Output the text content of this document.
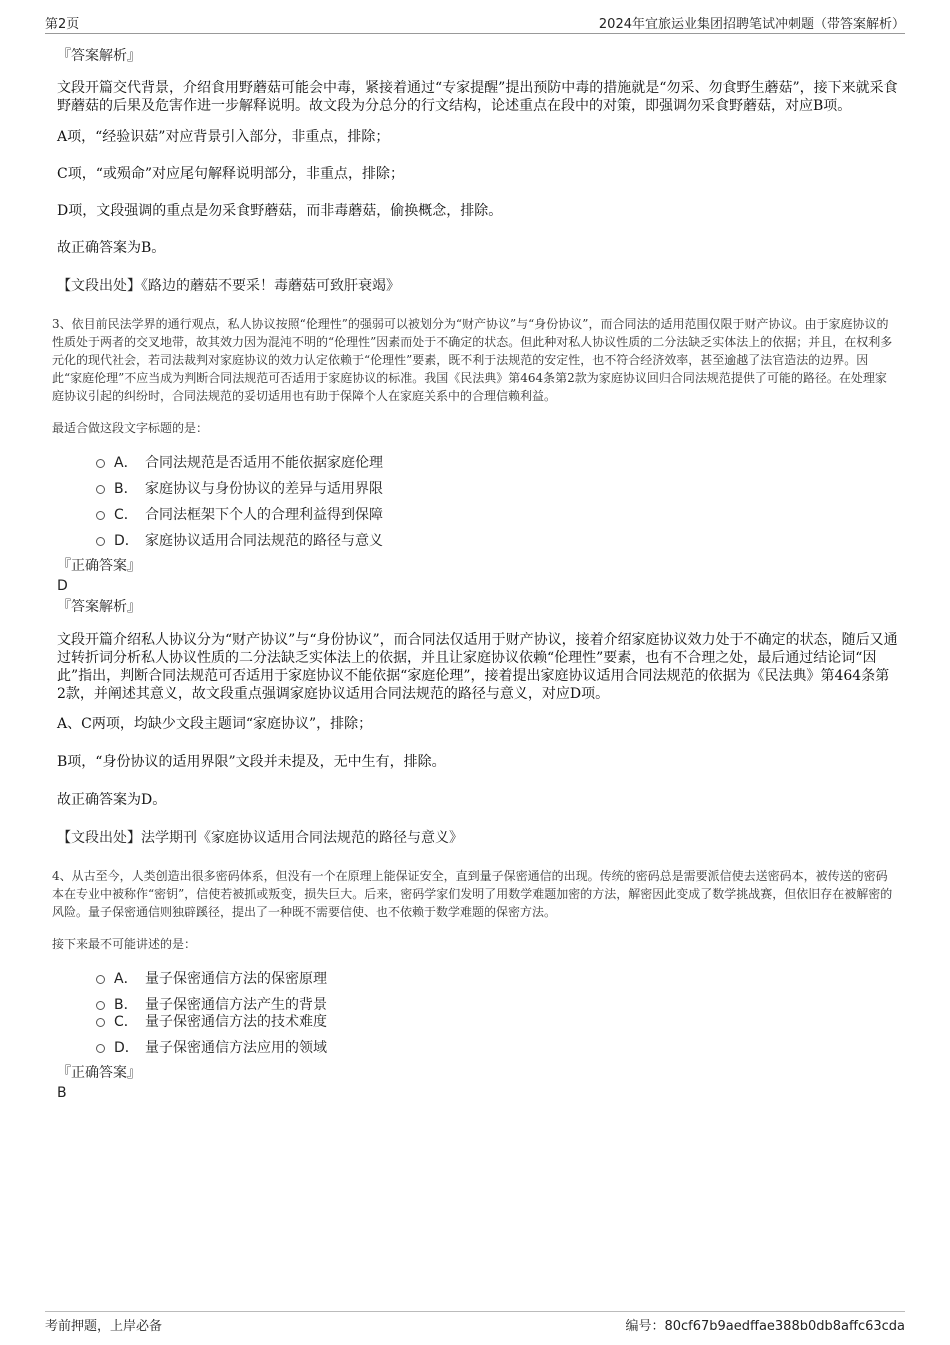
第2页	2024年宜旅运业集团招聘笔试冲刺题（带答案解析）
『答案解析』

文段开篇交代背景，介绍食用野蘑菇可能会中毒，紧接着通过“专家提醒”提出预防中毒的措施就是“勿采、勿食野生蘑菇”，接下来就采食野蘑菇的后果及危害作进一步解释说明。故文段为分总分的行文结构，论述重点在段中的对策，即强调勿采食野蘑菇，对应B项。

A项，“经验识菇”对应背景引入部分，非重点，排除；

C项，“或殒命”对应尾句解释说明部分，非重点，排除；

D项，文段强调的重点是勿采食野蘑菇，而非毒蘑菇，偷换概念，排除。

故正确答案为B。

【文段出处】《路边的蘑菇不要采！毒蘑菇可致肝衰竭》

3、依目前民法学界的通行观点，私人协议按照“伦理性”的强弱可以被划分为“财产协议”与“身份协议”，而合同法的适用范围仅限于财产协议。由于家庭协议的性质处于两者的交叉地带，故其效力因为混沌不明的“伦理性”因素而处于不确定的状态。但此种对私人协议性质的二分法缺乏实体法上的依据；并且，在权利多元化的现代社会，若司法裁判对家庭协议的效力认定依赖于“伦理性”要素，既不利于法规范的安定性，也不符合经济效率，甚至逾越了法官造法的边界。因此“家庭伦理”不应当成为判断合同法规范可否适用于家庭协议的标准。我国《民法典》第464条第2款为家庭协议回归合同法规范提供了可能的路径。在处理家庭协议引起的纠纷时，合同法规范的妥切适用也有助于保障个人在家庭关系中的合理信赖利益。

最适合做这段文字标题的是：
A． 合同法规范是否适用不能依据家庭伦理
B． 家庭协议与身份协议的差异与适用界限
C． 合同法框架下个人的合理利益得到保障
D． 家庭协议适用合同法规范的路径与意义
『正确答案』
D
『答案解析』

文段开篇介绍私人协议分为“财产协议”与“身份协议”，而合同法仅适用于财产协议，接着介绍家庭协议效力处于不确定的状态，随后又通过转折词分析私人协议性质的二分法缺乏实体法上的依据，并且让家庭协议依赖“伦理性”要素，也有不合理之处，最后通过结论词“因此”指出，判断合同法规范可否适用于家庭协议不能依据“家庭伦理”，接着提出家庭协议适用合同法规范的依据为《民法典》第464条第2款，并阐述其意义，故文段重点强调家庭协议适用合同法规范的路径与意义，对应D项。

A、C两项，均缺少文段主题词“家庭协议”，排除；

B项，“身份协议的适用界限”文段并未提及，无中生有，排除。

故正确答案为D。

【文段出处】法学期刊《家庭协议适用合同法规范的路径与意义》

4、从古至今，人类创造出很多密码体系，但没有一个在原理上能保证安全，直到量子保密通信的出现。传统的密码总是需要派信使去送密码本，被传送的密码本在专业中被称作“密钥”，信使若被抓或叛变，损失巨大。后来，密码学家们发明了用数学难题加密的方法，解密因此变成了数学挑战赛，但依旧存在被解密的风险。量子保密通信则独辟蹊径，提出了一种既不需要信使、也不依赖于数学难题的保密方法。

接下来最不可能讲述的是：
A． 量子保密通信方法的保密原理
B． 量子保密通信方法产生的背景
C． 量子保密通信方法的技术难度
D． 量子保密通信方法应用的领域
『正确答案』
B
考前押题，上岸必备	编号：80cf67b9aedffae388b0db8affc63cda
